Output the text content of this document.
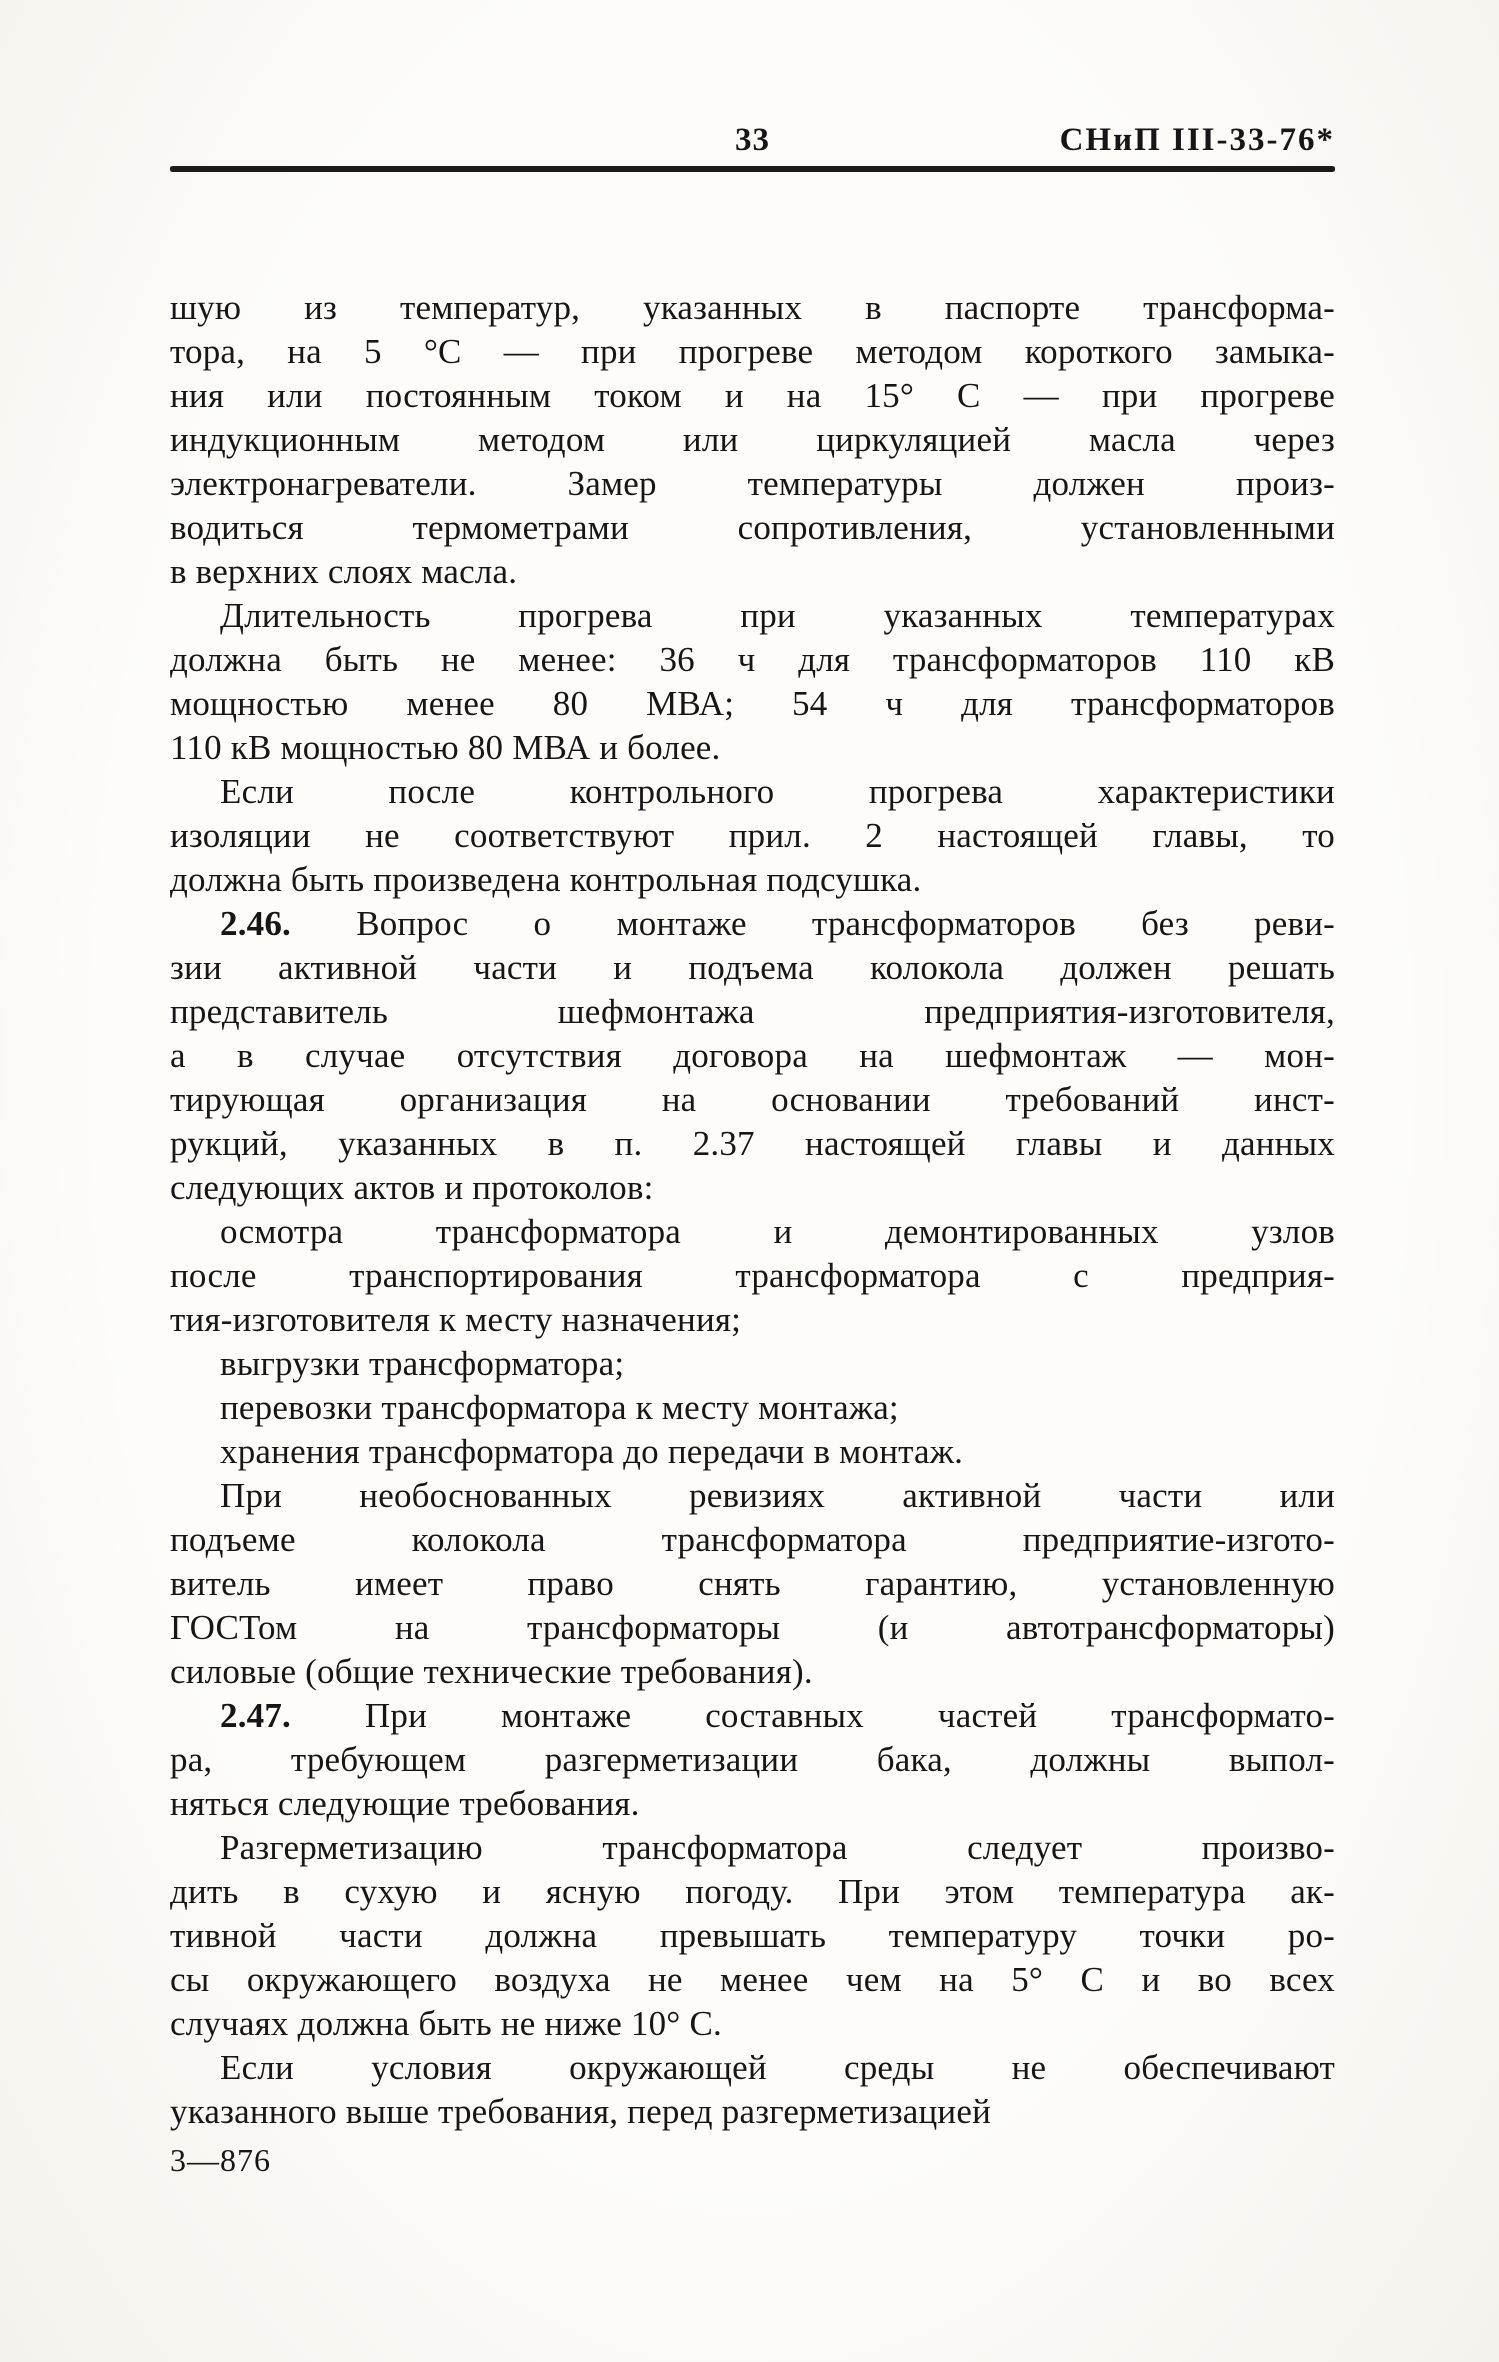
33	СНиП III-33-76*
шую из температур, указанных в паспорте трансформа-
тора, на 5 °С — при прогреве методом короткого замыка-
ния или постоянным током и на 15° С — при прогреве
индукционным методом или циркуляцией масла через
электронагреватели. Замер температуры должен произ-
водиться термометрами сопротивления, установленными
в верхних слоях масла.
Длительность прогрева при указанных температурах
должна быть не менее: 36 ч для трансформаторов 110 кВ
мощностью менее 80 МВА; 54 ч для трансформаторов
110 кВ мощностью 80 МВА и более.
Если после контрольного прогрева характеристики
изоляции не соответствуют прил. 2 настоящей главы, то
должна быть произведена контрольная подсушка.
2.46. Вопрос о монтаже трансформаторов без реви-
зии активной части и подъема колокола должен решать
представитель шефмонтажа предприятия-изготовителя,
а в случае отсутствия договора на шефмонтаж — мон-
тирующая организация на основании требований инст-
рукций, указанных в п. 2.37 настоящей главы и данных
следующих актов и протоколов:
осмотра трансформатора и демонтированных узлов
после транспортирования трансформатора с предприя-
тия-изготовителя к месту назначения;
выгрузки трансформатора;
перевозки трансформатора к месту монтажа;
хранения трансформатора до передачи в монтаж.
При необоснованных ревизиях активной части или
подъеме колокола трансформатора предприятие-изгото-
витель имеет право снять гарантию, установленную
ГОСТом на трансформаторы (и автотрансформаторы)
силовые (общие технические требования).
2.47. При монтаже составных частей трансформато-
ра, требующем разгерметизации бака, должны выпол-
няться следующие требования.
Разгерметизацию трансформатора следует произво-
дить в сухую и ясную погоду. При этом температура ак-
тивной части должна превышать температуру точки ро-
сы окружающего воздуха не менее чем на 5° С и во всех
случаях должна быть не ниже 10° С.
Если условия окружающей среды не обеспечивают
указанного выше требования, перед разгерметизацией
3—876
